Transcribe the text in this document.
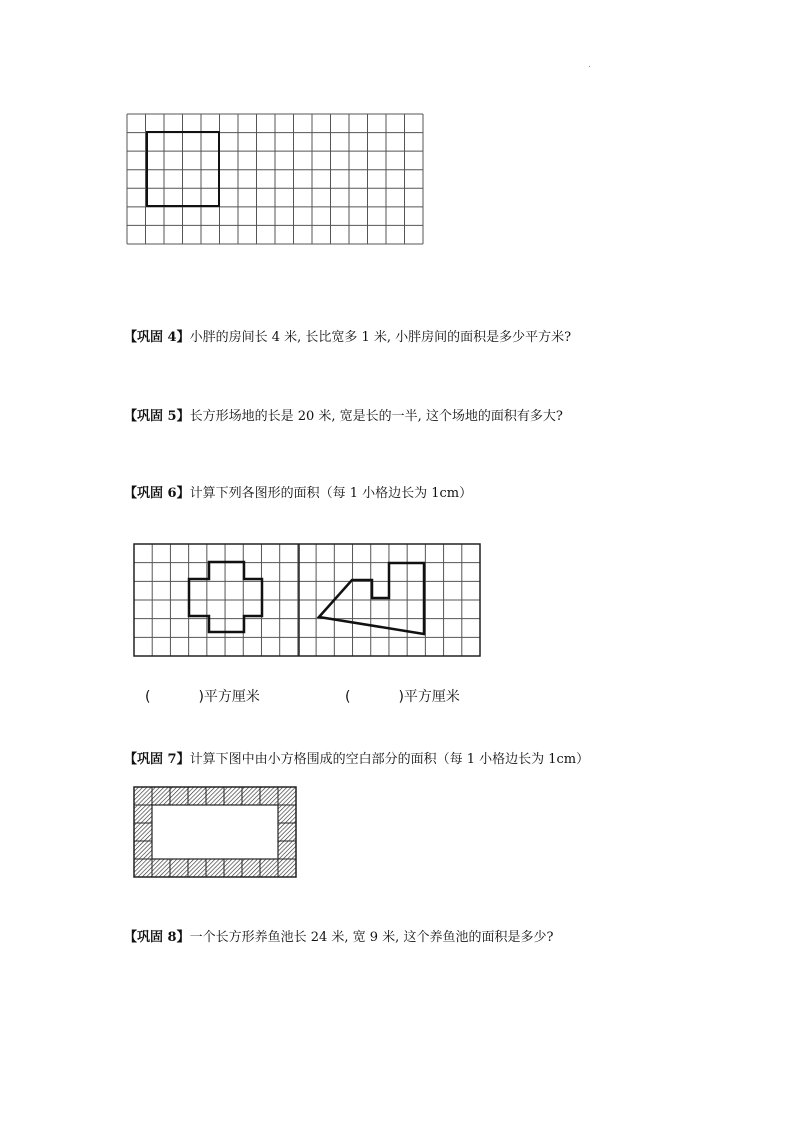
.
【巩固 4】小胖的房间长 4 米, 长比宽多 1 米, 小胖房间的面积是多少平方米?
【巩固 5】长方形场地的长是 20 米, 宽是长的一半, 这个场地的面积有多大?
【巩固 6】计算下列各图形的面积（每 1 小格边长为 1cm）
(	)平方厘米	(	)平方厘米
【巩固 7】计算下图中由小方格围成的空白部分的面积（每 1 小格边长为 1cm）
【巩固 8】一个长方形养鱼池长 24 米, 宽 9 米, 这个养鱼池的面积是多少?
